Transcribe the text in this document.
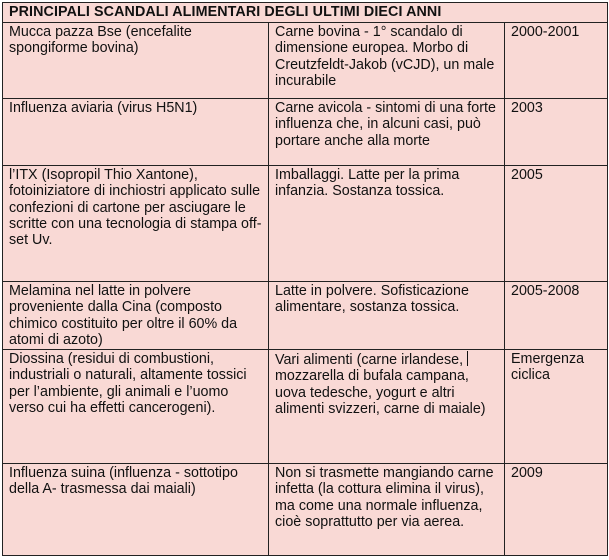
PRINCIPALI SCANDALI ALIMENTARI DEGLI ULTIMI DIECI ANNI		
Mucca pazza Bse (encefalite spongiforme bovina)	Carne bovina - 1° scandalo di dimensione europea. Morbo di Creutzfeldt-Jakob (vCJD), un male incurabile	2000-2001
Influenza aviaria (virus H5N1)	Carne avicola - sintomi di una forte influenza che, in alcuni casi, può portare anche alla morte	2003
l’ITX (Isopropil Thio Xantone), fotoiniziatore di inchiostri applicato sulle confezioni di cartone per asciugare le scritte con una tecnologia di stampa off-set Uv.	Imballaggi. Latte per la prima infanzia. Sostanza tossica.	2005
Melamina nel latte in polvere proveniente dalla Cina (composto chimico costituito per oltre il 60% da atomi di azoto)	Latte in polvere. Sofisticazione alimentare, sostanza tossica.	2005-2008
Diossina (residui di combustioni, industriali o naturali, altamente tossici per l’ambiente, gli animali e l’uomo verso cui ha effetti cancerogeni).	Vari alimenti (carne irlandese, mozzarella di bufala campana, uova tedesche, yogurt e altri alimenti svizzeri, carne di maiale)	Emergenza ciclica
Influenza suina (influenza - sottotipo della A- trasmessa dai maiali)	Non si trasmette mangiando carne infetta (la cottura elimina il virus), ma come una normale influenza, cioè soprattutto per via aerea.	2009
